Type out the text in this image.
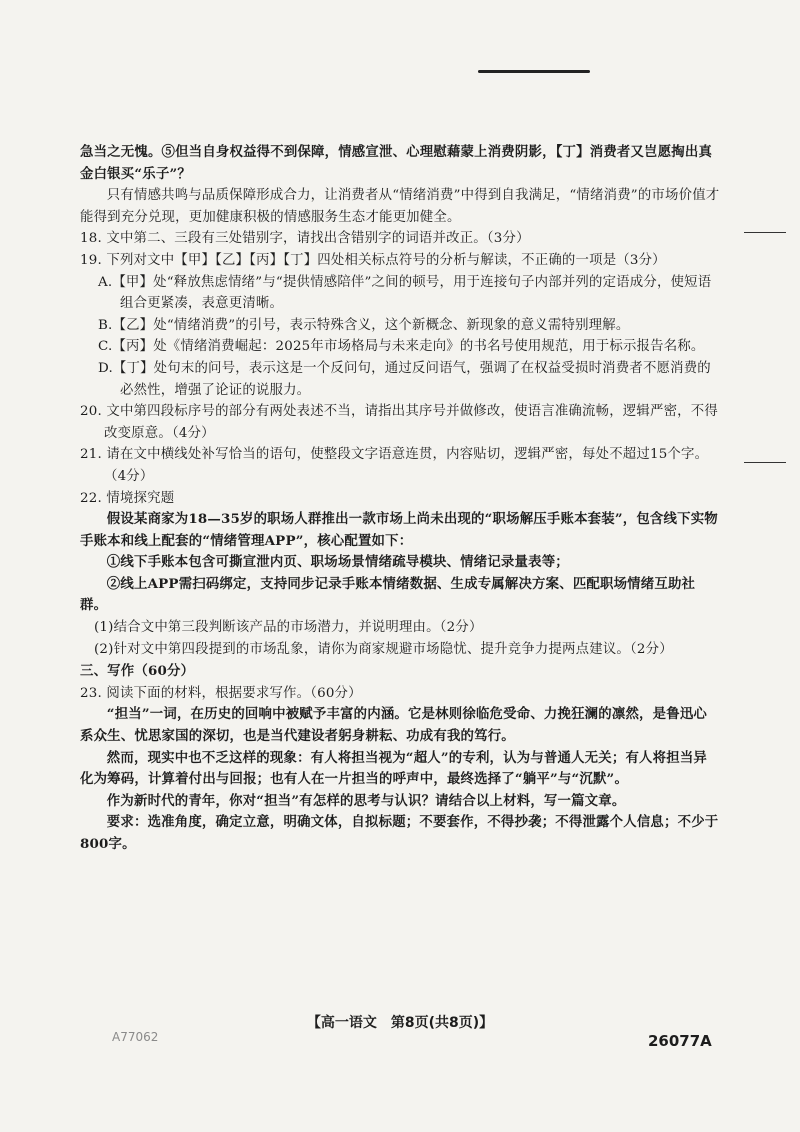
急当之无愧。⑤但当自身权益得不到保障，情感宣泄、心理慰藉蒙上消费阴影，【丁】消费者又岂愿掏出真金白银买“乐子”？

只有情感共鸣与品质保障形成合力，让消费者从“情绪消费”中得到自我满足，“情绪消费”的市场价值才能得到充分兑现，更加健康积极的情感服务生态才能更加健全。

18. 文中第二、三段有三处错别字，请找出含错别字的词语并改正。（3分）

19. 下列对文中【甲】【乙】【丙】【丁】四处相关标点符号的分析与解读，不正确的一项是（3分）

A.【甲】处“释放焦虑情绪”与“提供情感陪伴”之间的顿号，用于连接句子内部并列的定语成分，使短语组合更紧凑，表意更清晰。

B.【乙】处“情绪消费”的引号，表示特殊含义，这个新概念、新现象的意义需特别理解。

C.【丙】处《情绪消费崛起：2025年市场格局与未来走向》的书名号使用规范，用于标示报告名称。

D.【丁】处句末的问号，表示这是一个反问句，通过反问语气，强调了在权益受损时消费者不愿消费的必然性，增强了论证的说服力。

20. 文中第四段标序号的部分有两处表述不当，请指出其序号并做修改，使语言准确流畅，逻辑严密，不得改变原意。（4分）

21. 请在文中横线处补写恰当的语句，使整段文字语意连贯，内容贴切，逻辑严密，每处不超过15个字。（4分）

22. 情境探究题

假设某商家为18—35岁的职场人群推出一款市场上尚未出现的“职场解压手账本套装”，包含线下实物手账本和线上配套的“情绪管理APP”，核心配置如下：

①线下手账本包含可撕宣泄内页、职场场景情绪疏导模块、情绪记录量表等；

②线上APP需扫码绑定，支持同步记录手账本情绪数据、生成专属解决方案、匹配职场情绪互助社群。

(1)结合文中第三段判断该产品的市场潜力，并说明理由。（2分）

(2)针对文中第四段提到的市场乱象，请你为商家规避市场隐忧、提升竞争力提两点建议。（2分）

三、写作（60分）

23. 阅读下面的材料，根据要求写作。（60分）

“担当”一词，在历史的回响中被赋予丰富的内涵。它是林则徐临危受命、力挽狂澜的凛然，是鲁迅心系众生、忧思家国的深切，也是当代建设者躬身耕耘、功成有我的笃行。

然而，现实中也不乏这样的现象：有人将担当视为“超人”的专利，认为与普通人无关；有人将担当异化为筹码，计算着付出与回报；也有人在一片担当的呼声中，最终选择了“躺平”与“沉默”。

作为新时代的青年，你对“担当”有怎样的思考与认识？请结合以上材料，写一篇文章。

要求：选准角度，确定立意，明确文体，自拟标题；不要套作，不得抄袭；不得泄露个人信息；不少于800字。

A77062
【高一语文　第8页(共8页)】
26077A
